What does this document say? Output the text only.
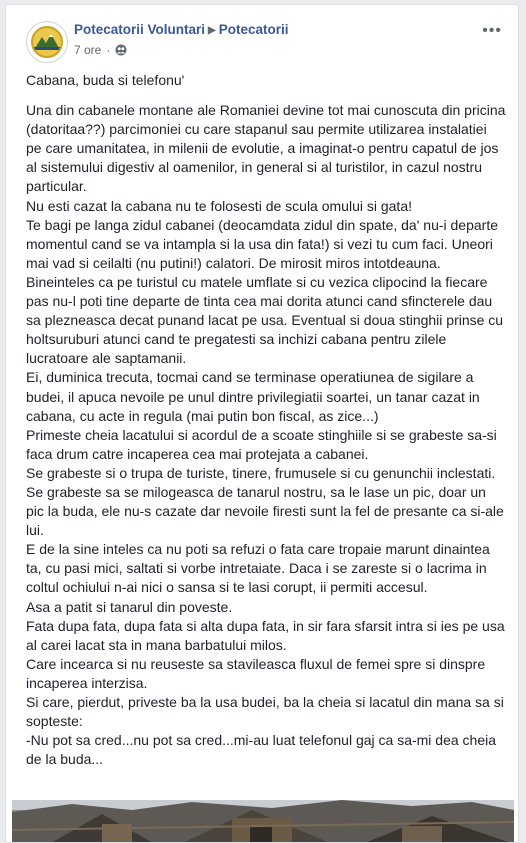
Potecatorii Voluntari ▶ Potecatorii
7 ore ·
•••

Cabana, buda si telefonu'

Una din cabanele montane ale Romaniei devine tot mai cunoscuta din pricina (datoritaa??) parcimoniei cu care stapanul sau permite utilizarea instalatiei pe care umanitatea, in milenii de evolutie, a imaginat-o pentru capatul de jos al sistemului digestiv al oamenilor, in general si al turistilor, in cazul nostru particular.

Nu esti cazat la cabana nu te folosesti de scula omului si gata!

Te bagi pe langa zidul cabanei (deocamdata zidul din spate, da' nu-i departe momentul cand se va intampla si la usa din fata!) si vezi tu cum faci. Uneori mai vad si ceilalti (nu putini!) calatori. De mirosit miros intotdeauna.

Bineinteles ca pe turistul cu matele umflate si cu vezica clipocind la fiecare pas nu-l poti tine departe de tinta cea mai dorita atunci cand sfincterele dau sa plezneasca decat punand lacat pe usa. Eventual si doua stinghii prinse cu holtsuruburi atunci cand te pregatesti sa inchizi cabana pentru zilele lucratoare ale saptamanii.

Ei, duminica trecuta, tocmai cand se terminase operatiunea de sigilare a budei, il apuca nevoile pe unul dintre privilegiatii soartei, un tanar cazat in cabana, cu acte in regula (mai putin bon fiscal, as zice...)

Primeste cheia lacatului si acordul de a scoate stinghiile si se grabeste sa-si faca drum catre incaperea cea mai protejata a cabanei.

Se grabeste si o trupa de turiste, tinere, frumusele si cu genunchii inclestati. Se grabeste sa se milogeasca de tanarul nostru, sa le lase un pic, doar un pic la buda, ele nu-s cazate dar nevoile firesti sunt la fel de presante ca si-ale lui.

E de la sine inteles ca nu poti sa refuzi o fata care tropaie marunt dinaintea ta, cu pasi mici, saltati si vorbe intretaiate. Daca i se zareste si o lacrima in coltul ochiului n-ai nici o sansa si te lasi corupt, ii permiti accesul.

Asa a patit si tanarul din poveste.

Fata dupa fata, dupa fata si alta dupa fata, in sir fara sfarsit intra si ies pe usa al carei lacat sta in mana barbatului milos.

Care incearca si nu reuseste sa stavileasca fluxul de femei spre si dinspre incaperea interzisa.

Si care, pierdut, priveste ba la usa budei, ba la cheia si lacatul din mana sa si sopteste:

-Nu pot sa cred...nu pot sa cred...mi-au luat telefonul gaj ca sa-mi dea cheia de la buda...
